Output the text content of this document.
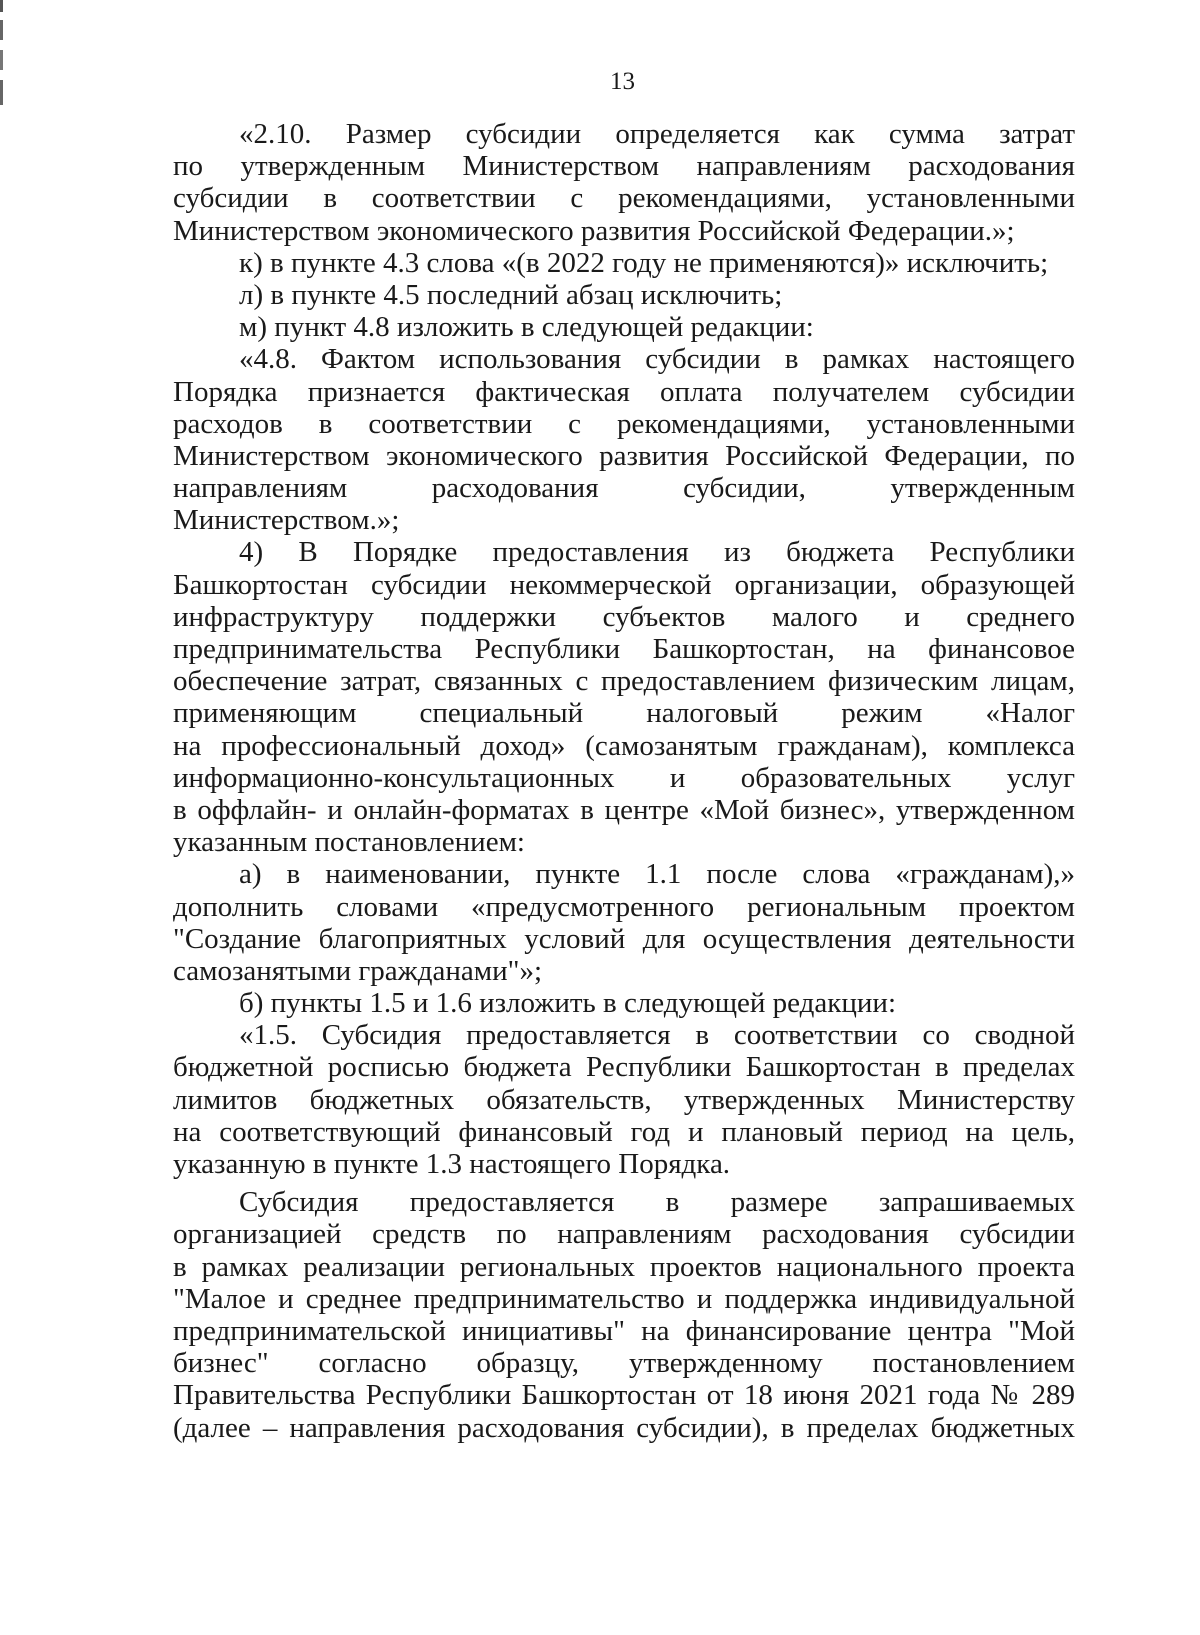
13
«2.10. Размер субсидии определяется как сумма затрат
по утвержденным Министерством направлениям расходования
субсидии в соответствии с рекомендациями, установленными
Министерством экономического развития Российской Федерации.»;
к) в пункте 4.3 слова «(в 2022 году не применяются)» исключить;
л) в пункте 4.5 последний абзац исключить;
м) пункт 4.8 изложить в следующей редакции:
«4.8. Фактом использования субсидии в рамках настоящего
Порядка признается фактическая оплата получателем субсидии
расходов в соответствии с рекомендациями, установленными
Министерством экономического развития Российской Федерации, по
направлениям расходования субсидии, утвержденным
Министерством.»;
4) В Порядке предоставления из бюджета Республики
Башкортостан субсидии некоммерческой организации, образующей
инфраструктуру поддержки субъектов малого и среднего
предпринимательства Республики Башкортостан, на финансовое
обеспечение затрат, связанных с предоставлением физическим лицам,
применяющим специальный налоговый режим «Налог
на профессиональный доход» (самозанятым гражданам), комплекса
информационно-консультационных и образовательных услуг
в оффлайн- и онлайн-форматах в центре «Мой бизнес», утвержденном
указанным постановлением:
а) в наименовании, пункте 1.1 после слова «гражданам),»
дополнить словами «предусмотренного региональным проектом
"Создание благоприятных условий для осуществления деятельности
самозанятыми гражданами"»;
б) пункты 1.5 и 1.6 изложить в следующей редакции:
«1.5. Субсидия предоставляется в соответствии со сводной
бюджетной росписью бюджета Республики Башкортостан в пределах
лимитов бюджетных обязательств, утвержденных Министерству
на соответствующий финансовый год и плановый период на цель,
указанную в пункте 1.3 настоящего Порядка.
Субсидия предоставляется в размере запрашиваемых
организацией средств по направлениям расходования субсидии
в рамках реализации региональных проектов национального проекта
"Малое и среднее предпринимательство и поддержка индивидуальной
предпринимательской инициативы" на финансирование центра "Мой
бизнес" согласно образцу, утвержденному постановлением
Правительства Республики Башкортостан от 18 июня 2021 года № 289
(далее – направления расходования субсидии), в пределах бюджетных
